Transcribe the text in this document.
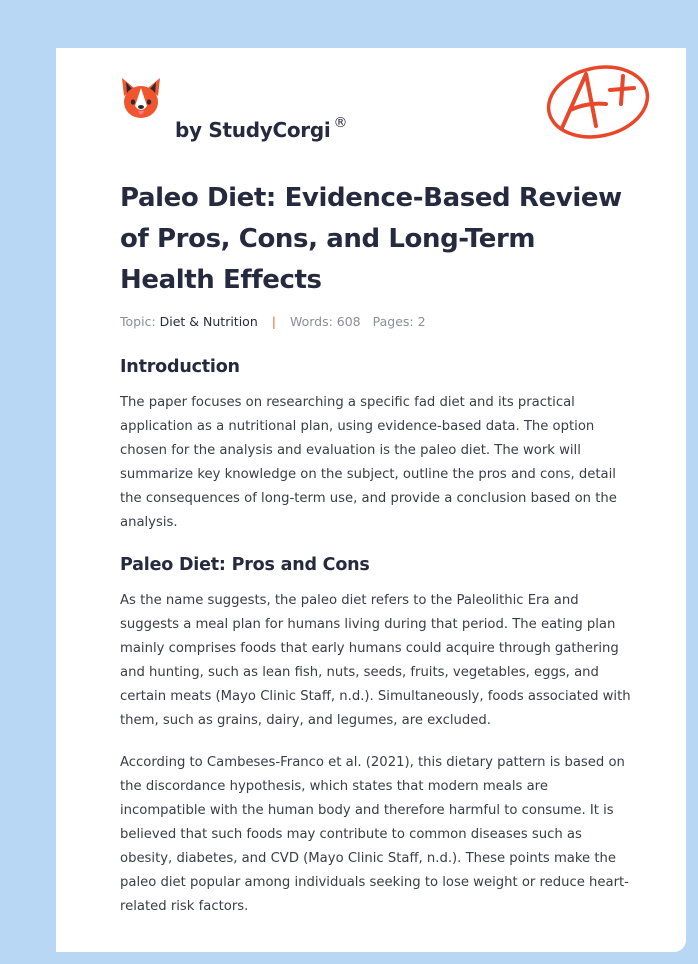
by StudyCorgi ®
A+
Paleo Diet: Evidence-Based Review of Pros, Cons, and Long-Term Health Effects
Topic: Diet & Nutrition | Words: 608 Pages: 2
Introduction

The paper focuses on researching a specific fad diet and its practical application as a nutritional plan, using evidence-based data. The option chosen for the analysis and evaluation is the paleo diet. The work will summarize key knowledge on the subject, outline the pros and cons, detail the consequences of long-term use, and provide a conclusion based on the analysis.

Paleo Diet: Pros and Cons

As the name suggests, the paleo diet refers to the Paleolithic Era and suggests a meal plan for humans living during that period. The eating plan mainly comprises foods that early humans could acquire through gathering and hunting, such as lean fish, nuts, seeds, fruits, vegetables, eggs, and certain meats (Mayo Clinic Staff, n.d.). Simultaneously, foods associated with them, such as grains, dairy, and legumes, are excluded.

According to Cambeses-Franco et al. (2021), this dietary pattern is based on the discordance hypothesis, which states that modern meals are incompatible with the human body and therefore harmful to consume. It is believed that such foods may contribute to common diseases such as obesity, diabetes, and CVD (Mayo Clinic Staff, n.d.). These points make the paleo diet popular among individuals seeking to lose weight or reduce heart-related risk factors.
